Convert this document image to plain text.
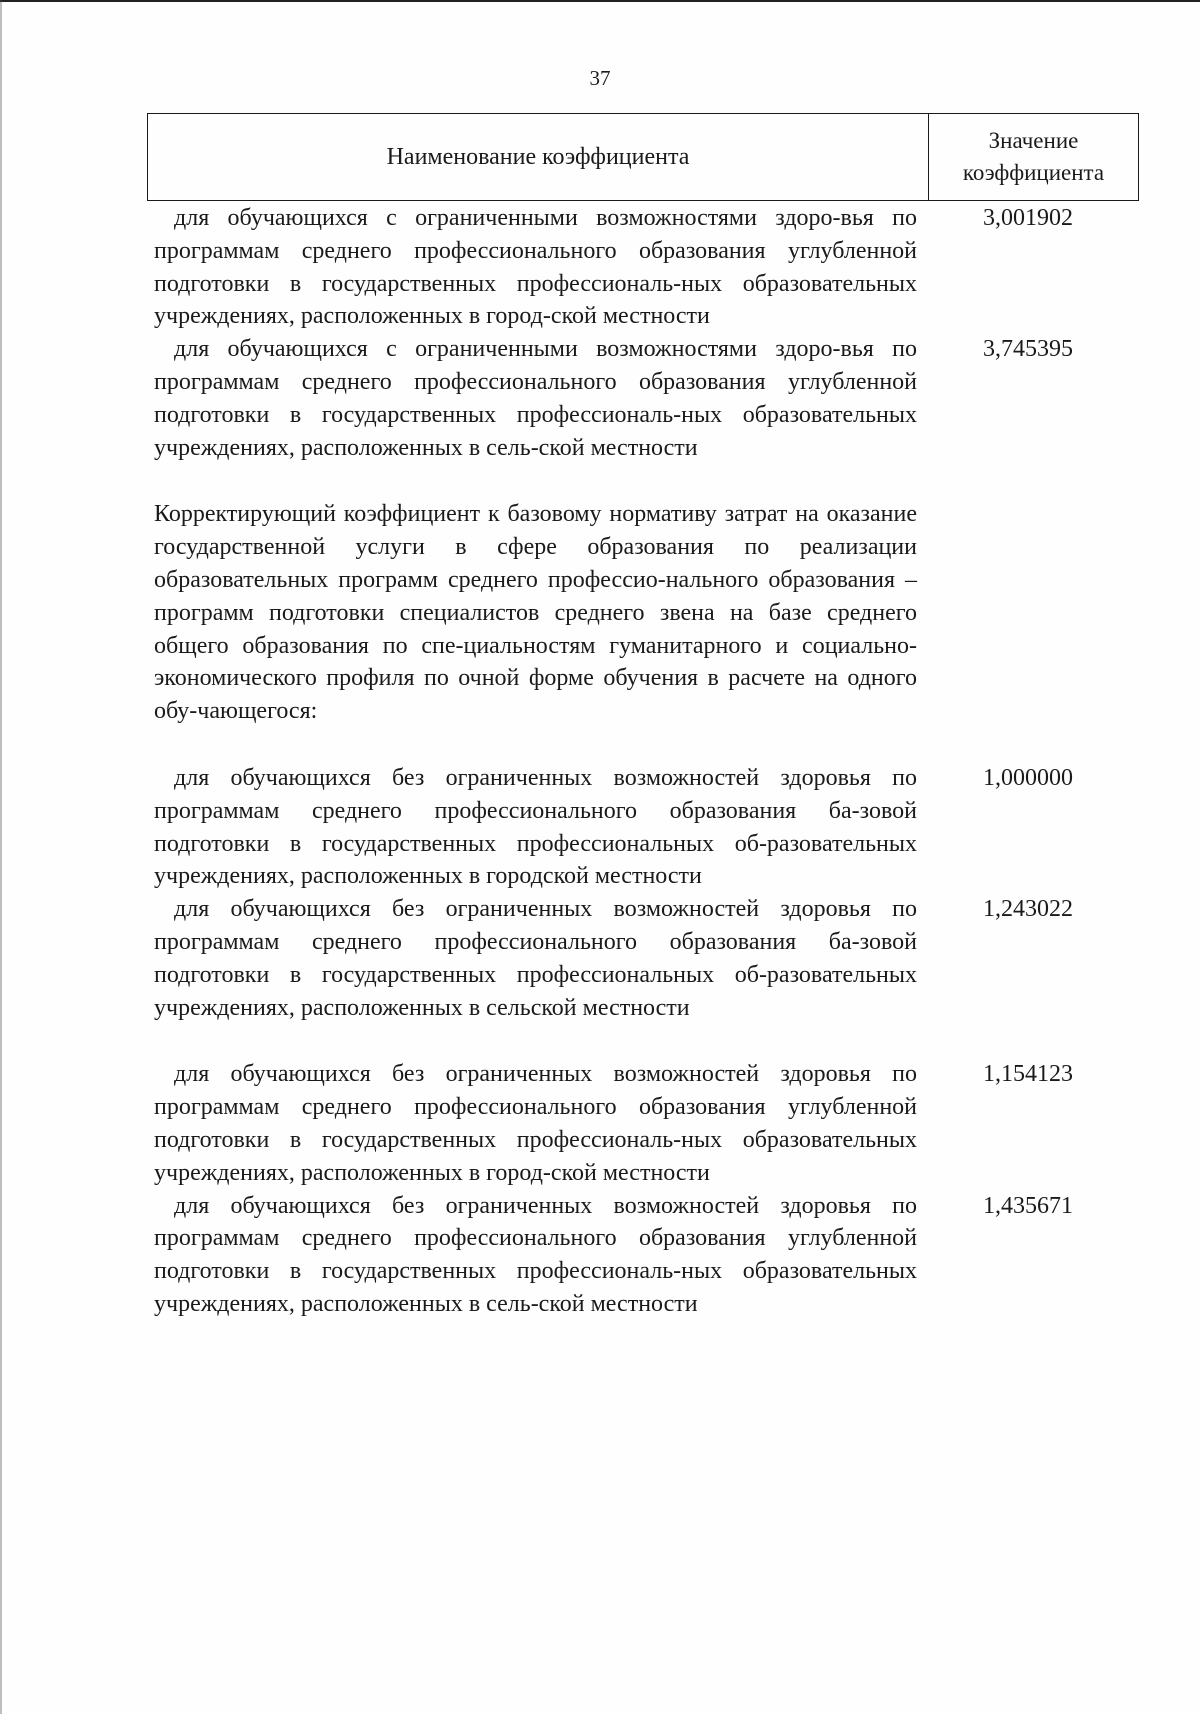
37
Наименование коэффициента
Значение
коэффициента
для обучающихся с ограниченными возможностями здоро-вья по программам среднего профессионального образования углубленной подготовки в государственных профессиональ-ных образовательных учреждениях, расположенных в город-ской местности
3,001902
для обучающихся с ограниченными возможностями здоро-вья по программам среднего профессионального образования углубленной подготовки в государственных профессиональ-ных образовательных учреждениях, расположенных в сель-ской местности
3,745395
Корректирующий коэффициент к базовому нормативу затрат на оказание государственной услуги в сфере образования по реализации образовательных программ среднего профессио-нального образования – программ подготовки специалистов среднего звена на базе среднего общего образования по спе-циальностям гуманитарного и социально-экономического профиля по очной форме обучения в расчете на одного обу-чающегося:
для обучающихся без ограниченных возможностей здоровья по программам среднего профессионального образования ба-зовой подготовки в государственных профессиональных об-разовательных учреждениях, расположенных в городской местности
1,000000
для обучающихся без ограниченных возможностей здоровья по программам среднего профессионального образования ба-зовой подготовки в государственных профессиональных об-разовательных учреждениях, расположенных в сельской местности
1,243022
для обучающихся без ограниченных возможностей здоровья по программам среднего профессионального образования углубленной подготовки в государственных профессиональ-ных образовательных учреждениях, расположенных в город-ской местности
1,154123
для обучающихся без ограниченных возможностей здоровья по программам среднего профессионального образования углубленной подготовки в государственных профессиональ-ных образовательных учреждениях, расположенных в сель-ской местности
1,435671
